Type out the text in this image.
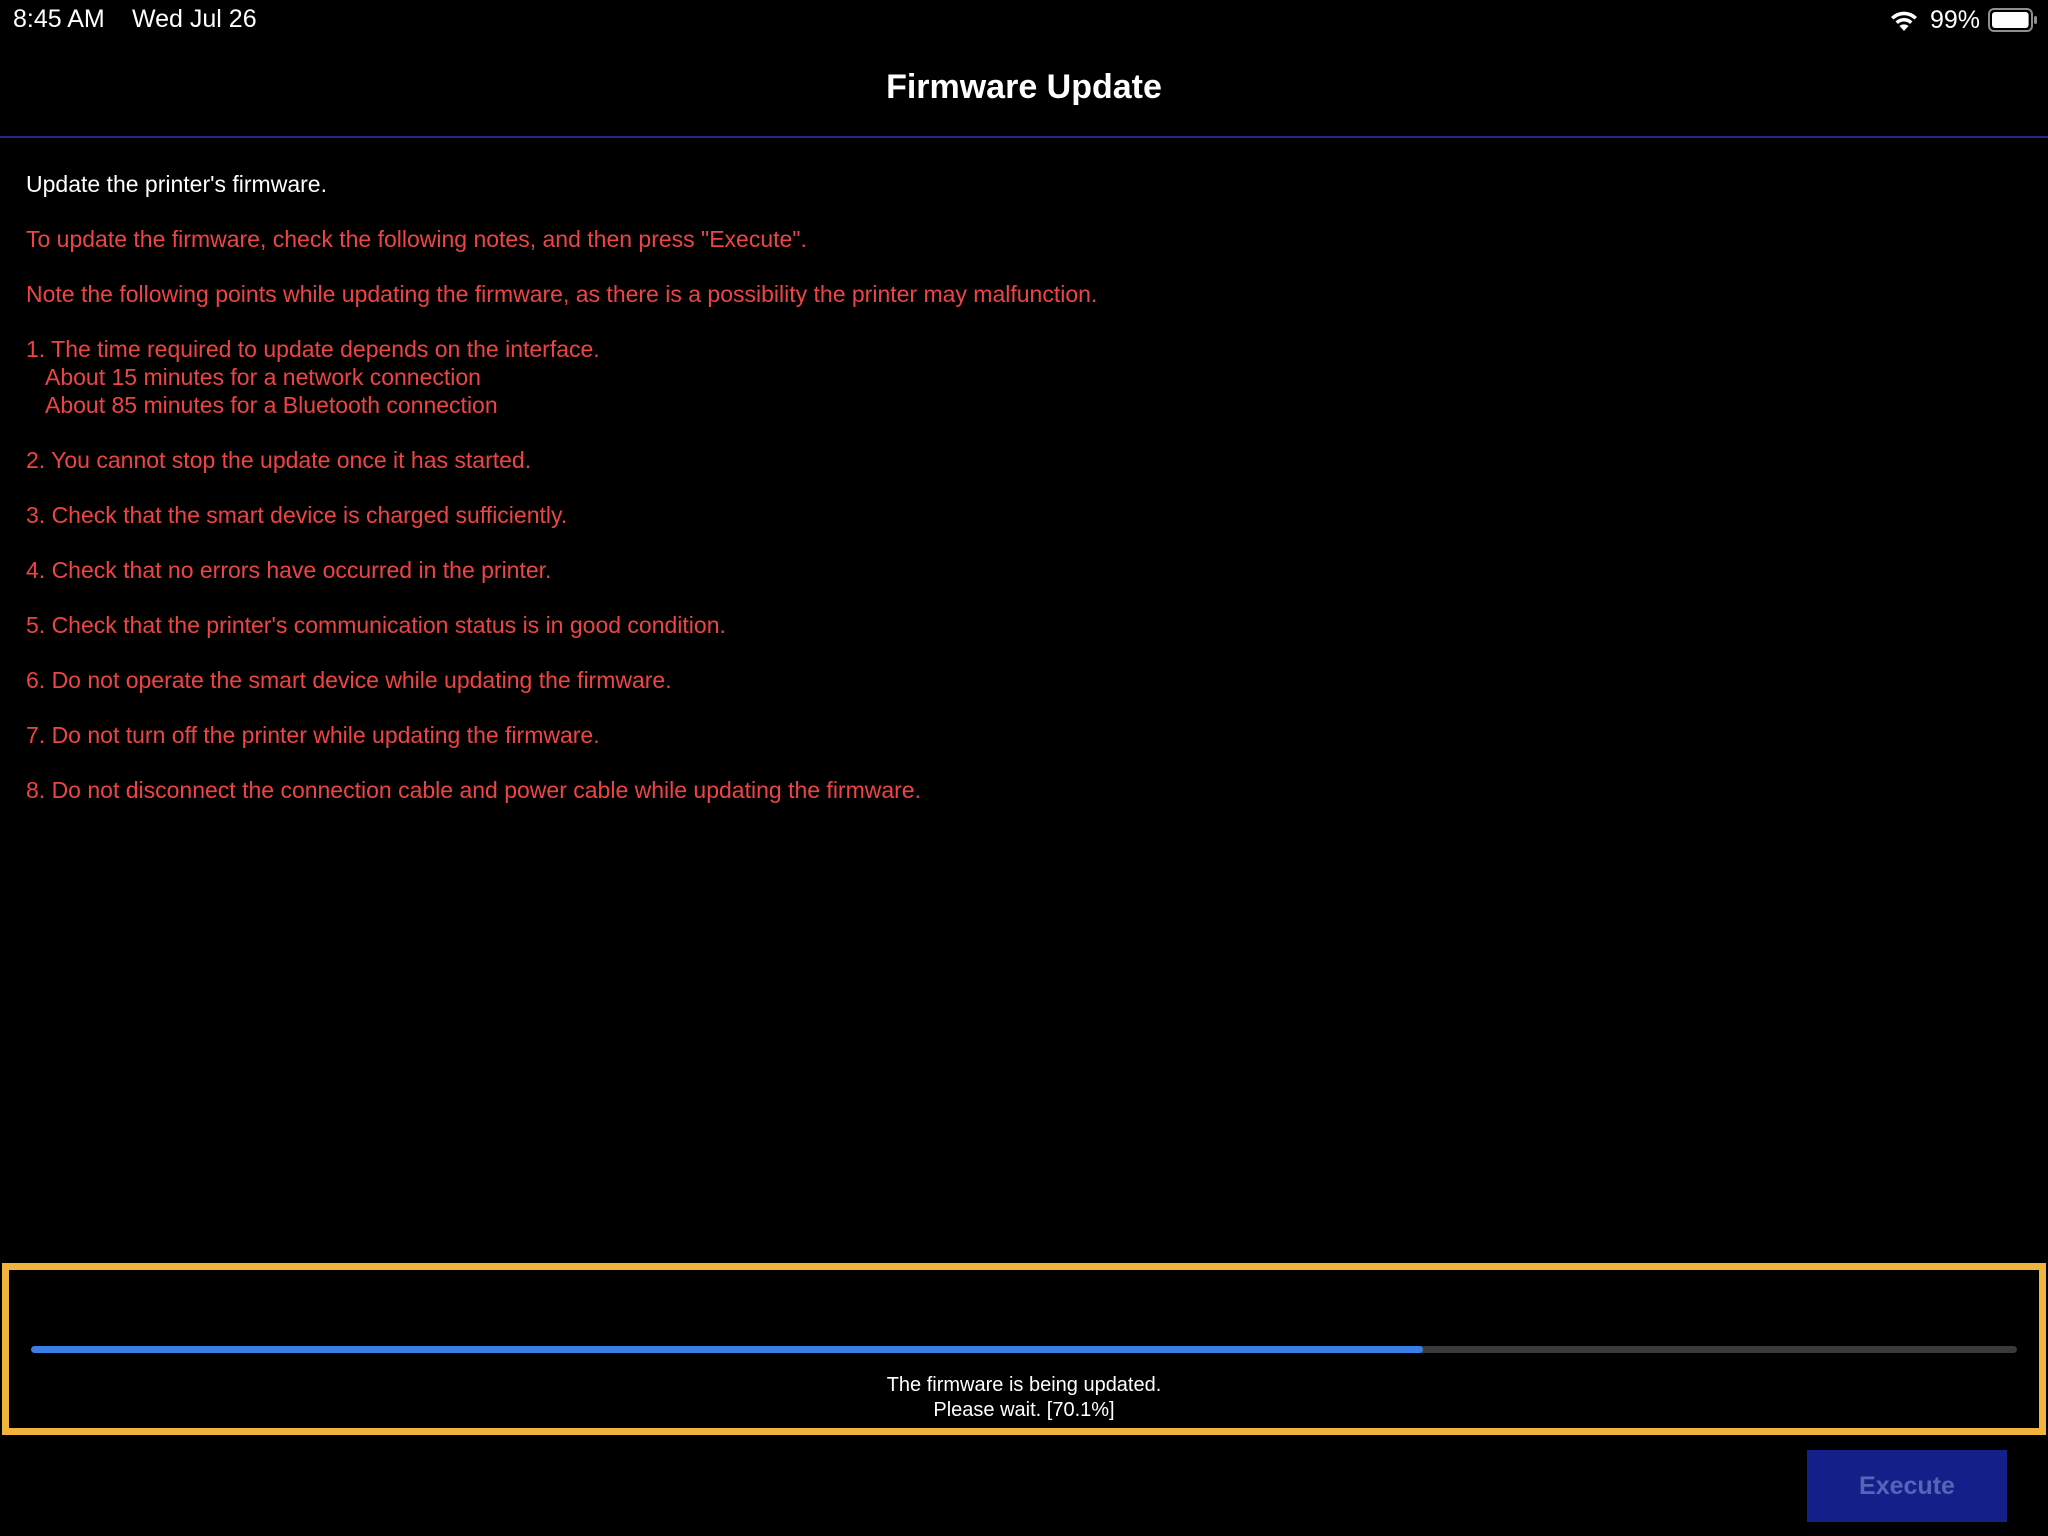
8:45 AM Wed Jul 26	99%
Firmware Update

Update the printer's firmware.

To update the firmware, check the following notes, and then press "Execute".

Note the following points while updating the firmware, as there is a possibility the printer may malfunction.

1. The time required to update depends on the interface.

About 15 minutes for a network connection

About 85 minutes for a Bluetooth connection

2. You cannot stop the update once it has started.

3. Check that the smart device is charged sufficiently.

4. Check that no errors have occurred in the printer.

5. Check that the printer's communication status is in good condition.

6. Do not operate the smart device while updating the firmware.

7. Do not turn off the printer while updating the firmware.

8. Do not disconnect the connection cable and power cable while updating the firmware.

The firmware is being updated.
Please wait. [70.1%]
Execute
